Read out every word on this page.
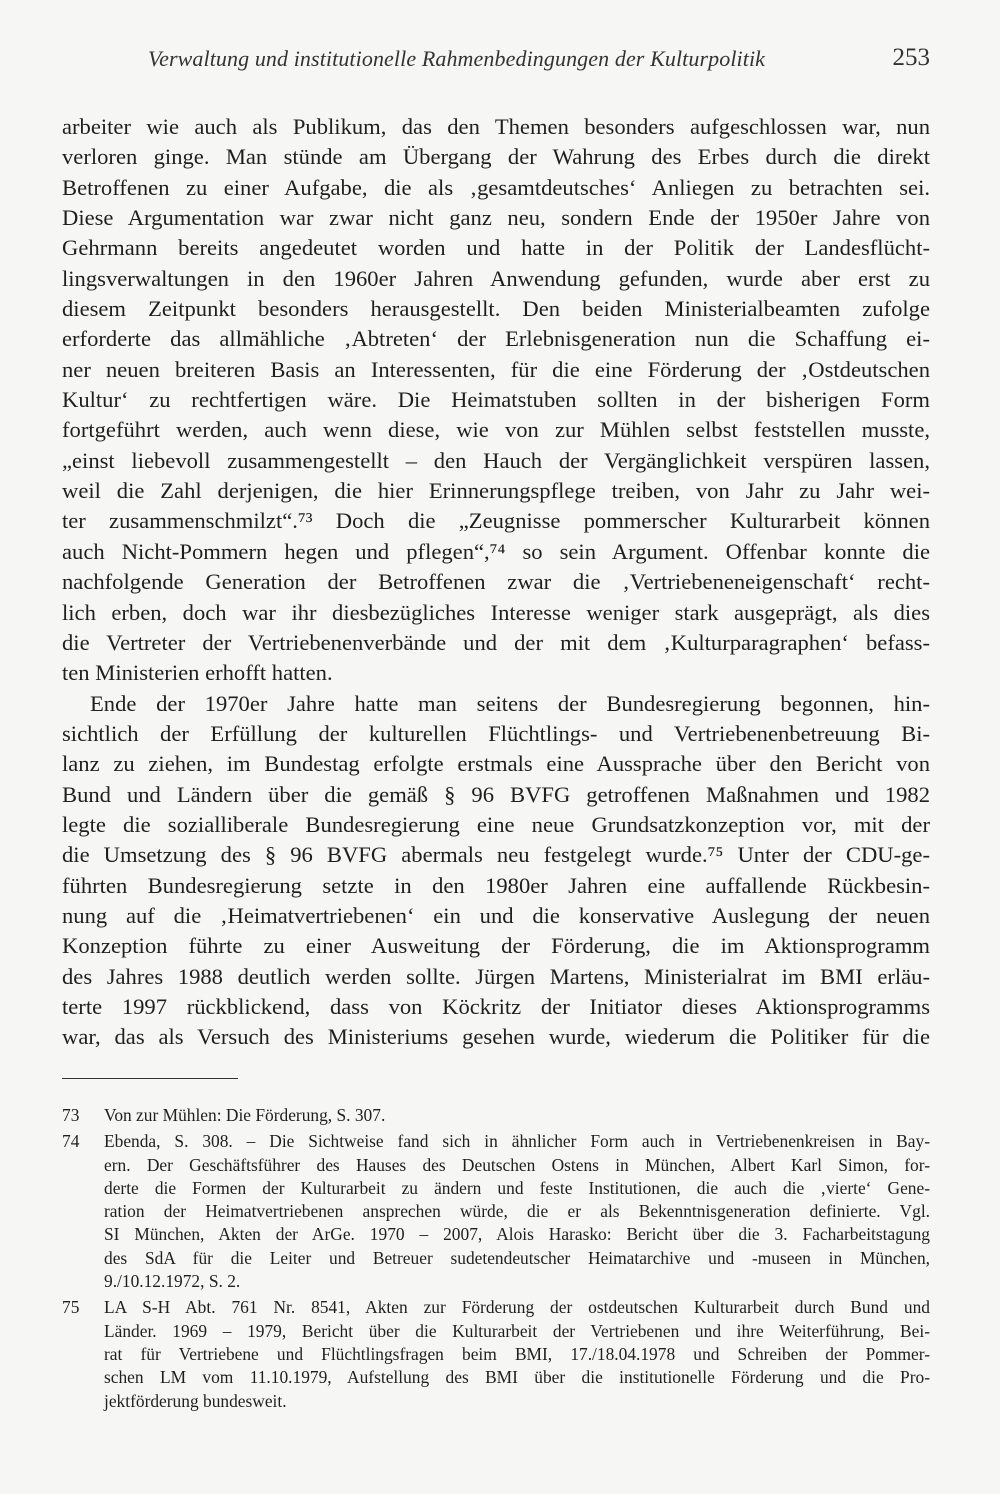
Verwaltung und institutionelle Rahmenbedingungen der Kulturpolitik	253
arbeiter wie auch als Publikum, das den Themen besonders aufgeschlossen war, nun
verloren ginge. Man stünde am Übergang der Wahrung des Erbes durch die direkt
Betroffenen zu einer Aufgabe, die als ‚gesamtdeutsches‘ Anliegen zu betrachten sei.
Diese Argumentation war zwar nicht ganz neu, sondern Ende der 1950er Jahre von
Gehrmann bereits angedeutet worden und hatte in der Politik der Landesflücht-
lingsverwaltungen in den 1960er Jahren Anwendung gefunden, wurde aber erst zu
diesem Zeitpunkt besonders herausgestellt. Den beiden Ministerialbeamten zufolge
erforderte das allmähliche ‚Abtreten‘ der Erlebnisgeneration nun die Schaffung ei-
ner neuen breiteren Basis an Interessenten, für die eine Förderung der ‚Ostdeutschen
Kultur‘ zu rechtfertigen wäre. Die Heimatstuben sollten in der bisherigen Form
fortgeführt werden, auch wenn diese, wie von zur Mühlen selbst feststellen musste,
„einst liebevoll zusammengestellt – den Hauch der Vergänglichkeit verspüren lassen,
weil die Zahl derjenigen, die hier Erinnerungspflege treiben, von Jahr zu Jahr wei-
ter zusammenschmilzt“.⁷³ Doch die „Zeugnisse pommerscher Kulturarbeit können
auch Nicht-Pommern hegen und pflegen“,⁷⁴ so sein Argument. Offenbar konnte die
nachfolgende Generation der Betroffenen zwar die ‚Vertriebeneneigenschaft‘ recht-
lich erben, doch war ihr diesbezügliches Interesse weniger stark ausgeprägt, als dies
die Vertreter der Vertriebenenverbände und der mit dem ‚Kulturparagraphen‘ befass-
ten Ministerien erhofft hatten.
Ende der 1970er Jahre hatte man seitens der Bundesregierung begonnen, hin-
sichtlich der Erfüllung der kulturellen Flüchtlings- und Vertriebenenbetreuung Bi-
lanz zu ziehen, im Bundestag erfolgte erstmals eine Aussprache über den Bericht von
Bund und Ländern über die gemäß § 96 BVFG getroffenen Maßnahmen und 1982
legte die sozialliberale Bundesregierung eine neue Grundsatzkonzeption vor, mit der
die Umsetzung des § 96 BVFG abermals neu festgelegt wurde.⁷⁵ Unter der CDU-ge-
führten Bundesregierung setzte in den 1980er Jahren eine auffallende Rückbesin-
nung auf die ‚Heimatvertriebenen‘ ein und die konservative Auslegung der neuen
Konzeption führte zu einer Ausweitung der Förderung, die im Aktionsprogramm
des Jahres 1988 deutlich werden sollte. Jürgen Martens, Ministerialrat im BMI erläu-
terte 1997 rückblickend, dass von Köckritz der Initiator dieses Aktionsprogramms
war, das als Versuch des Ministeriums gesehen wurde, wiederum die Politiker für die
73 Von zur Mühlen: Die Förderung, S. 307.
74 Ebenda, S. 308. – Die Sichtweise fand sich in ähnlicher Form auch in Vertriebenenkreisen in Bay-
ern. Der Geschäftsführer des Hauses des Deutschen Ostens in München, Albert Karl Simon, for-
derte die Formen der Kulturarbeit zu ändern und feste Institutionen, die auch die ‚vierte‘ Gene-
ration der Heimatvertriebenen ansprechen würde, die er als Bekenntnisgeneration definierte. Vgl.
SI München, Akten der ArGe. 1970 – 2007, Alois Harasko: Bericht über die 3. Facharbeitstagung
des SdA für die Leiter und Betreuer sudetendeutscher Heimatarchive und -museen in München,
9./10.12.1972, S. 2.
75 LA S-H Abt. 761 Nr. 8541, Akten zur Förderung der ostdeutschen Kulturarbeit durch Bund und
Länder. 1969 – 1979, Bericht über die Kulturarbeit der Vertriebenen und ihre Weiterführung, Bei-
rat für Vertriebene und Flüchtlingsfragen beim BMI, 17./18.04.1978 und Schreiben der Pommer-
schen LM vom 11.10.1979, Aufstellung des BMI über die institutionelle Förderung und die Pro-
jektförderung bundesweit.
